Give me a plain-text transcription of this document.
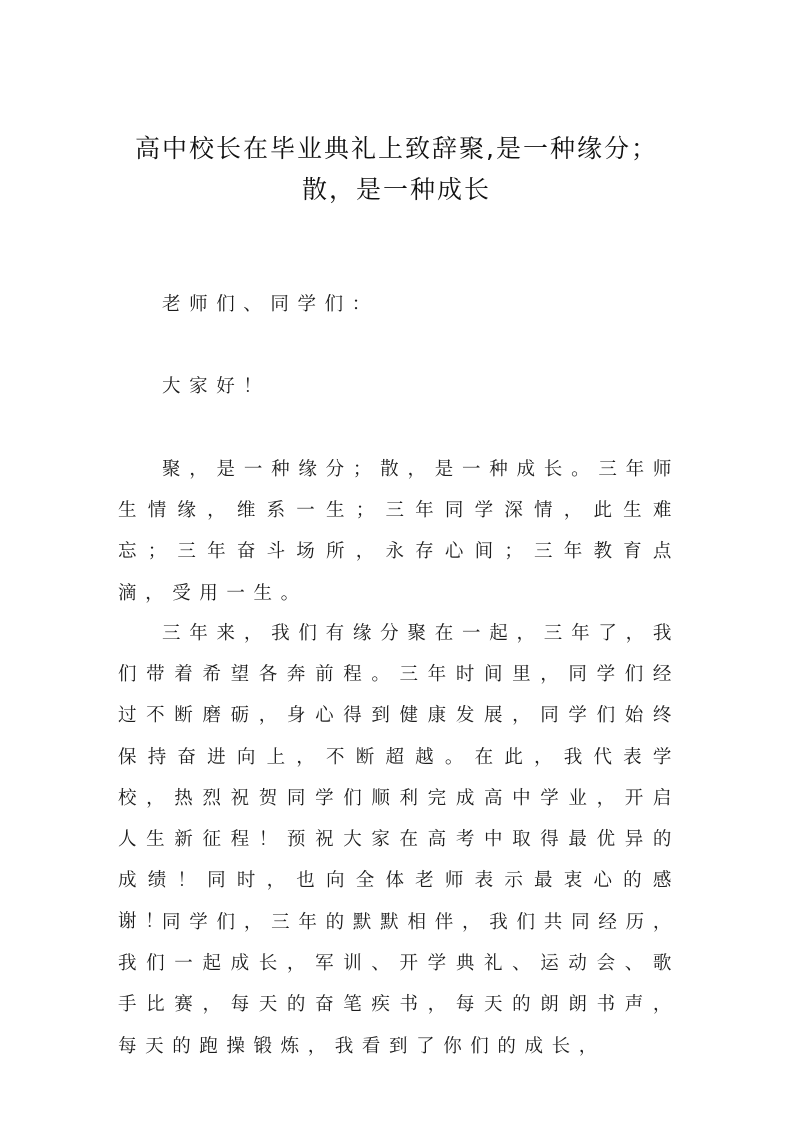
高中校长在毕业典礼上致辞聚,是一种缘分；
散，是一种成长

老师们、同学们：

大家好！

聚，是一种缘分；散，是一种成长。三年师生情缘，维系一生；三年同学深情，此生难忘；三年奋斗场所，永存心间；三年教育点滴，受用一生。

三年来，我们有缘分聚在一起，三年了，我们带着希望各奔前程。三年时间里，同学们经过不断磨砺，身心得到健康发展，同学们始终保持奋进向上，不断超越。在此，我代表学校，热烈祝贺同学们顺利完成高中学业，开启人生新征程！预祝大家在高考中取得最优异的成绩！同时，也向全体老师表示最衷心的感谢！

同学们，三年的默默相伴，我们共同经历，我们一起成长，军训、开学典礼、运动会、歌手比赛，每天的奋笔疾书，每天的朗朗书声，每天的跑操锻炼，我看到了你们的成长，
